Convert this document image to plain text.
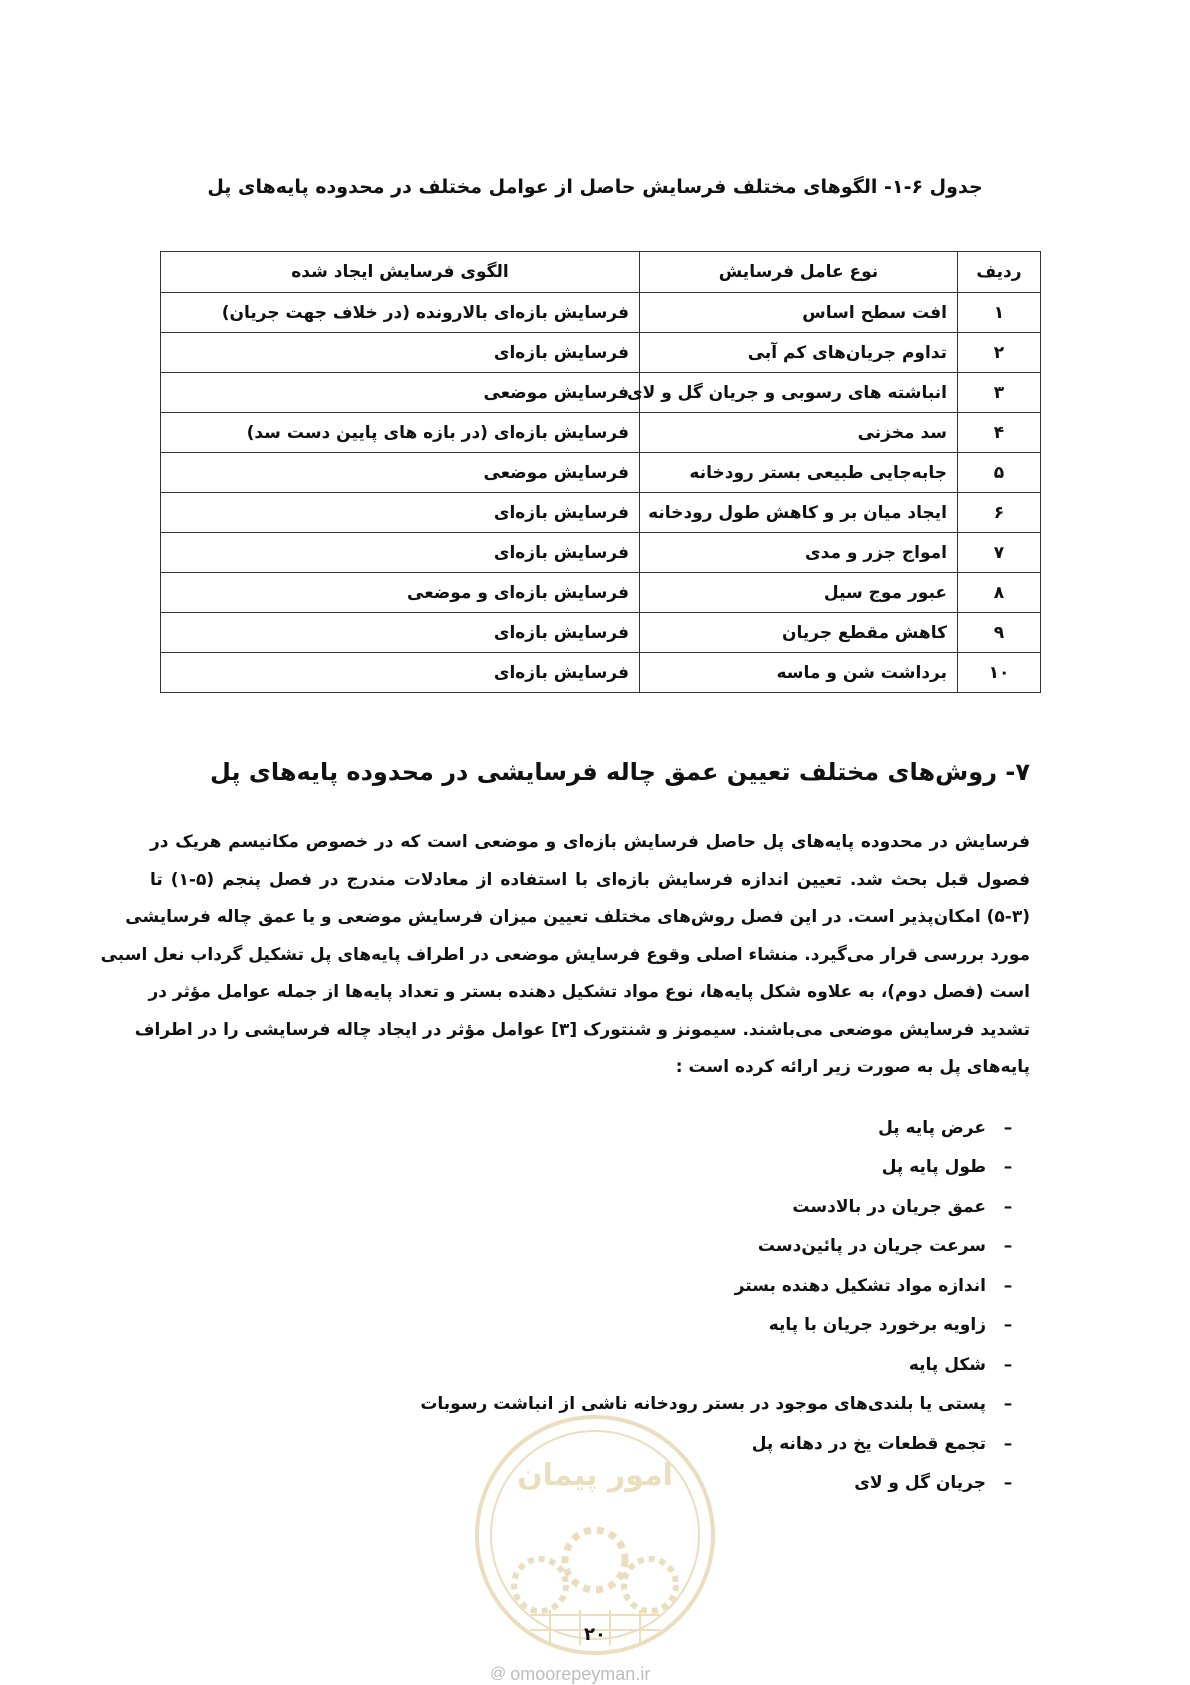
جدول ۶-۱- الگوهای مختلف فرسایش حاصل از عوامل مختلف در محدوده پایه‌های پل
ردیف	نوع عامل فرسایش	الگوی فرسایش ایجاد شده
۱	افت سطح اساس	فرسایش بازه‌ای بالارونده (در خلاف جهت جریان)
۲	تداوم جریان‌های کم آبی	فرسایش بازه‌ای
۳	انباشته های رسوبی و جریان گل و لای	فرسایش موضعی
۴	سد مخزنی	فرسایش بازه‌ای (در بازه های پایین دست سد)
۵	جابه‌جایی طبیعی بستر رودخانه	فرسایش موضعی
۶	ایجاد میان بر و کاهش طول رودخانه	فرسایش بازه‌ای
۷	امواج جزر و مدی	فرسایش بازه‌ای
۸	عبور موج سیل	فرسایش بازه‌ای و موضعی
۹	کاهش مقطع جریان	فرسایش بازه‌ای
۱۰	برداشت شن و ماسه	فرسایش بازه‌ای
۷- روش‌های مختلف تعیین عمق چاله فرسایشی در محدوده پایه‌های پل
فرسایش در محدوده پایه‌های پل حاصل فرسایش بازه‌ای و موضعی است که در خصوص مکانیسم هریک در
فصول قبل بحث شد. تعیین اندازه فرسایش بازه‌ای با استفاده از معادلات مندرج در فصل پنجم (۵-۱) تا
(۵-۳) امکان‌پذیر است. در این فصل روش‌های مختلف تعیین میزان فرسایش موضعی و یا عمق چاله فرسایشی
مورد بررسی قرار می‌گیرد. منشاء اصلی وقوع فرسایش موضعی در اطراف پایه‌های پل تشکیل گرداب نعل اسبی
است (فصل دوم)، به علاوه شکل پایه‌ها، نوع مواد تشکیل دهنده بستر و تعداد پایه‌ها از جمله عوامل مؤثر در
تشدید فرسایش موضعی می‌باشند. سیمونز و شنتورک [۳] عوامل مؤثر در ایجاد چاله فرسایشی را در اطراف
پایه‌های پل به صورت زیر ارائه کرده است :
–
عرض پایه پل
–
طول پایه پل
–
عمق جریان در بالادست
–
سرعت جریان در پائین‌دست
–
اندازه مواد تشکیل دهنده بستر
–
زاویه برخورد جریان با پایه
–
شکل پایه
–
پستی یا بلندی‌های موجود در بستر رودخانه ناشی از انباشت رسوبات
–
تجمع قطعات یخ در دهانه پل
–
جریان گل و لای
امور پیمان
۲۰
@ omoorepeyman.ir
